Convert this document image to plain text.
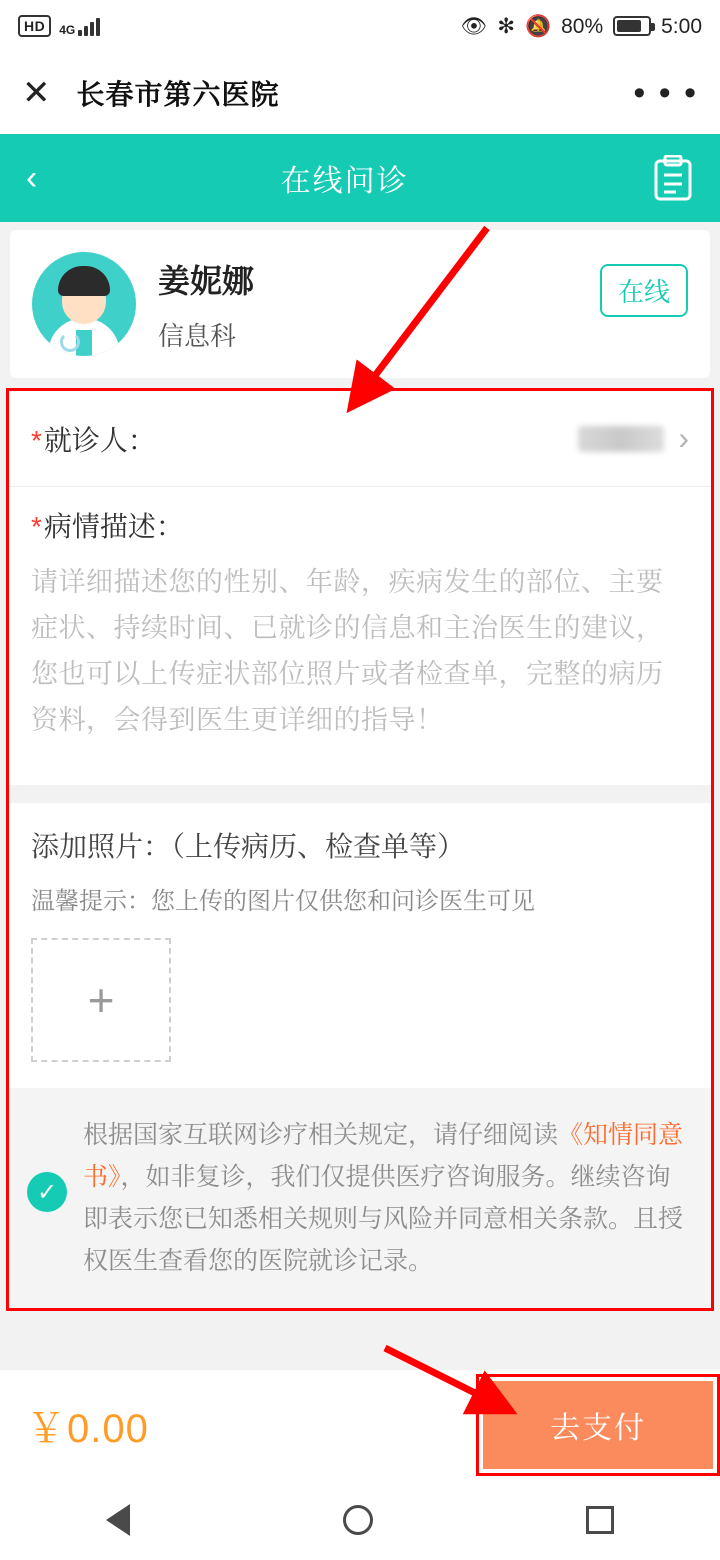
HD	4G	👁 ✻ 🔕 80%	5:00
✕ 长春市第六医院	• • •
‹	在线问诊
姜妮娜
信息科
在线
*就诊人：	›
*病情描述：
请详细描述您的性别、年龄，疾病发生的部位、主要症状、持续时间、已就诊的信息和主治医生的建议，您也可以上传症状部位照片或者检查单，完整的病历资料，会得到医生更详细的指导！
添加照片：（上传病历、检查单等）
温馨提示：您上传的图片仅供您和问诊医生可见
+
✓
根据国家互联网诊疗相关规定，请仔细阅读《知情同意书》，如非复诊，我们仅提供医疗咨询服务。继续咨询即表示您已知悉相关规则与风险并同意相关条款。且授权医生查看您的医院就诊记录。
￥0.00	去支付
